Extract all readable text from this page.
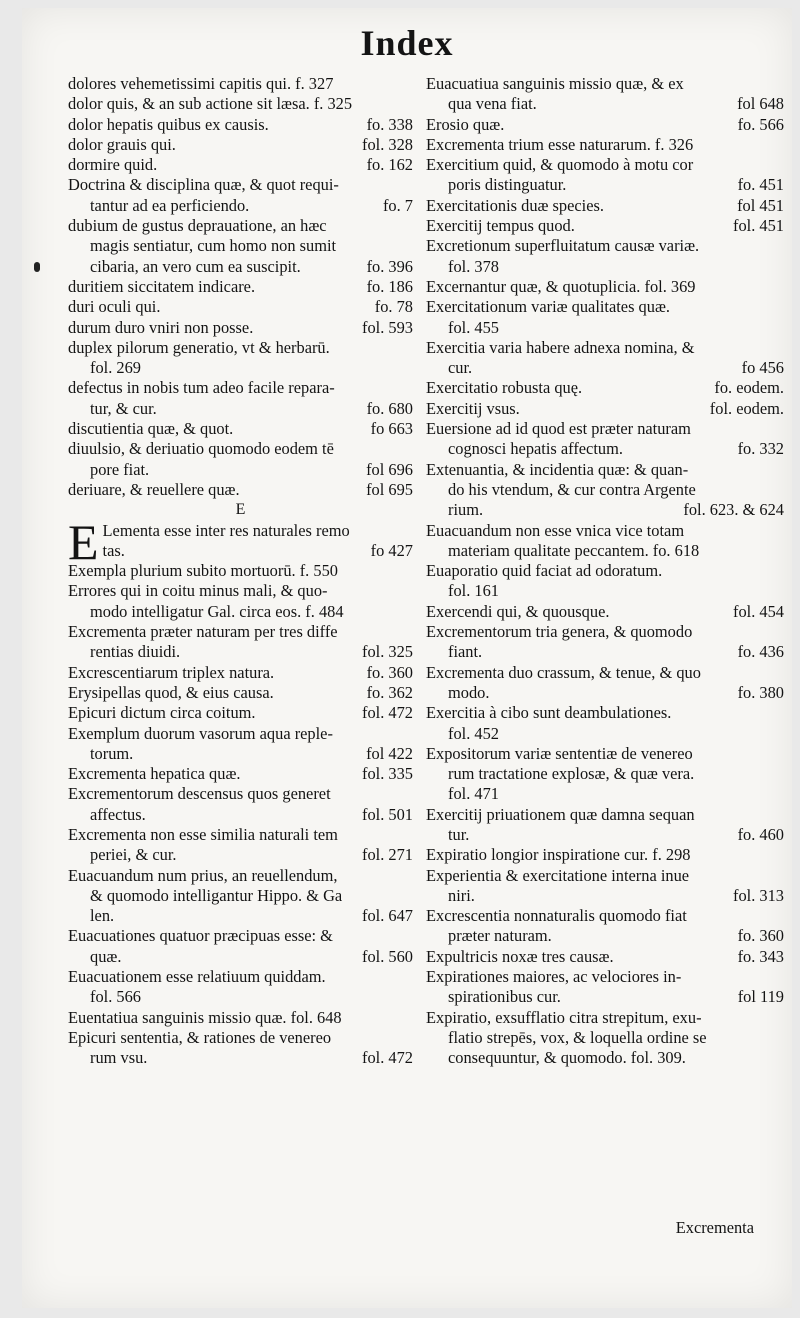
Index
dolores vehemetissimi capitis qui. f. 327
dolor quis, & an sub actione sit læsa. f. 325
dolor hepatis quibus ex causis.	fo. 338
dolor grauis qui.	fol. 328
dormire quid.	fo. 162
Doctrina & disciplina quæ, & quot requi-
tantur ad ea perficiendo.	fo. 7
dubium de gustus deprauatione, an hæc
magis sentiatur, cum homo non sumit
cibaria, an vero cum ea suscipit.	fo. 396
duritiem siccitatem indicare.	fo. 186
duri oculi qui.	fo. 78
durum duro vniri non posse.	fol. 593
duplex pilorum generatio, vt & herbarū.
fol. 269
defectus in nobis tum adeo facile repara-
tur, & cur.	fo. 680
discutientia quæ, & quot.	fo 663
diuulsio, & deriuatio quomodo eodem tē
pore fiat.	fol 696
deriuare, & reuellere quæ.	fol 695
E
E Lementa esse inter res naturales remo
tas.	fo 427
Exempla plurium subito mortuorū. f. 550
Errores qui in coitu minus mali, & quo-
modo intelligatur Gal. circa eos. f. 484
Excrementa præter naturam per tres diffe
rentias diuidi.	fol. 325
Excrescentiarum triplex natura.	fo. 360
Erysipellas quod, & eius causa.	fo. 362
Epicuri dictum circa coitum.	fol. 472
Exemplum duorum vasorum aqua reple-
torum.	fol 422
Excrementa hepatica quæ.	fol. 335
Excrementorum descensus quos generet
affectus.	fol. 501
Excrementa non esse similia naturali tem
periei, & cur.	fol. 271
Euacuandum num prius, an reuellendum,
& quomodo intelligantur Hippo. & Ga
len.	fol. 647
Euacuationes quatuor præcipuas esse: &
quæ.	fol. 560
Euacuationem esse relatiuum quiddam.
fol. 566
Euentatiua sanguinis missio quæ. fol. 648
Epicuri sententia, & rationes de venereo
rum vsu.	fol. 472
Euacuatiua sanguinis missio quæ, & ex
qua vena fiat.	fol 648
Erosio quæ.	fo. 566
Excrementa trium esse naturarum. f. 326
Exercitium quid, & quomodo à motu cor
poris distinguatur.	fo. 451
Exercitationis duæ species.	fol 451
Exercitij tempus quod.	fol. 451
Excretionum superfluitatum causæ variæ.
fol. 378
Excernantur quæ, & quotuplicia. fol. 369
Exercitationum variæ qualitates quæ.
fol. 455
Exercitia varia habere adnexa nomina, &
cur.	fo 456
Exercitatio robusta quę.	fo. eodem.
Exercitij vsus.	fol. eodem.
Euersione ad id quod est præter naturam
cognosci hepatis affectum.	fo. 332
Extenuantia, & incidentia quæ: & quan-
do his vtendum, & cur contra Argente
rium.	fol. 623. & 624
Euacuandum non esse vnica vice totam
materiam qualitate peccantem. fo. 618
Euaporatio quid faciat ad odoratum.
fol. 161
Exercendi qui, & quousque.	fol. 454
Excrementorum tria genera, & quomodo
fiant.	fo. 436
Excrementa duo crassum, & tenue, & quo
modo.	fo. 380
Exercitia à cibo sunt deambulationes.
fol. 452
Expositorum variæ sententiæ de venereo
rum tractatione explosæ, & quæ vera.
fol. 471
Exercitij priuationem quæ damna sequan
tur.	fo. 460
Expiratio longior inspiratione cur. f. 298
Experientia & exercitatione interna inue
niri.	fol. 313
Excrescentia nonnaturalis quomodo fiat
præter naturam.	fo. 360
Expultricis noxæ tres causæ.	fo. 343
Expirationes maiores, ac velociores in-
spirationibus cur.	fol 119
Expiratio, exsufflatio citra strepitum, exu-
flatio strepēs, vox, & loquella ordine se
consequuntur, & quomodo. fol. 309.
Excrementa
